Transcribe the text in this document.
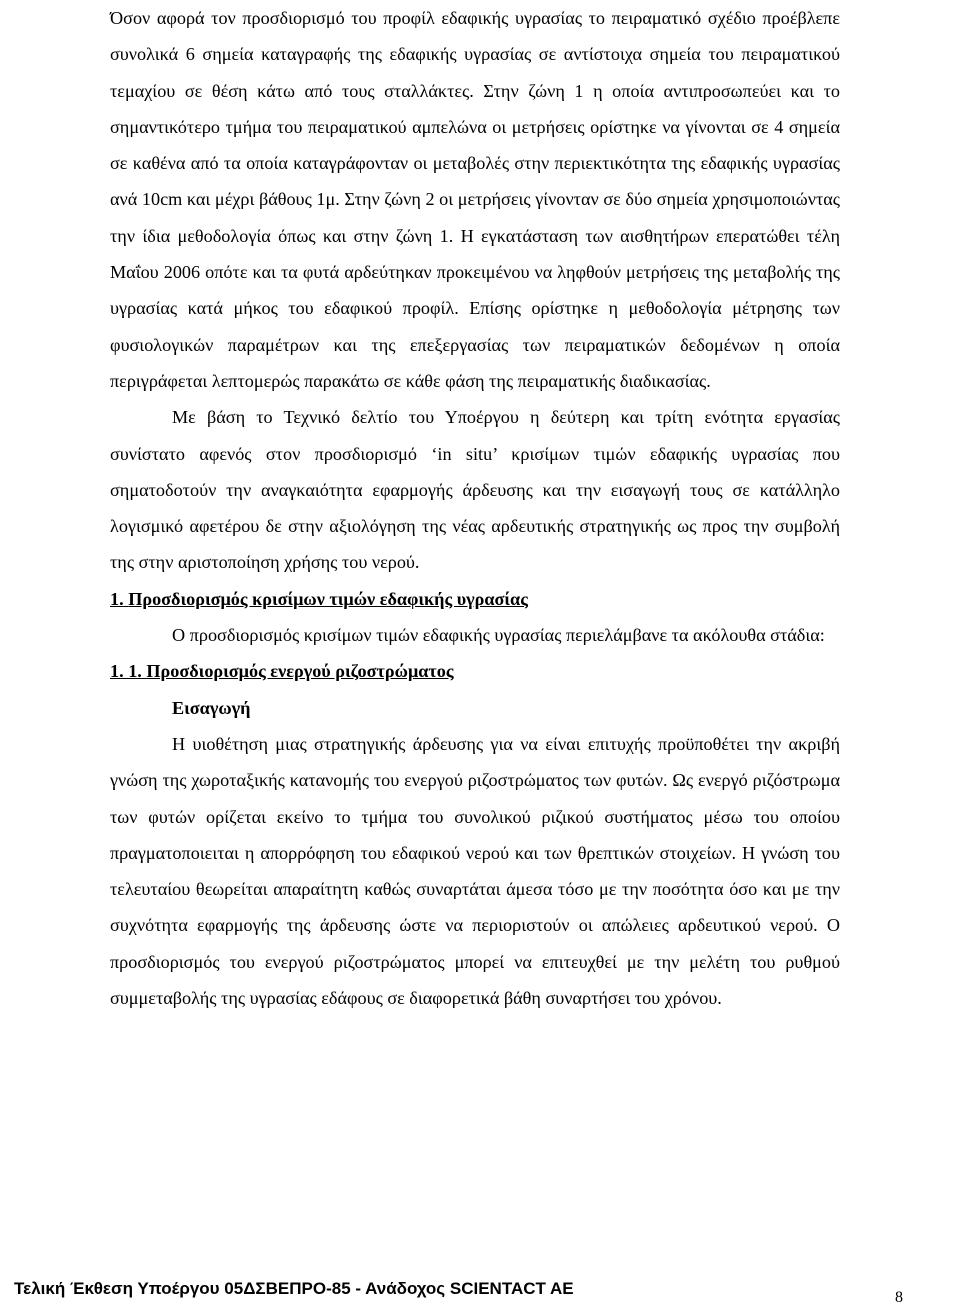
Όσον αφορά τον προσδιορισμό του προφίλ εδαφικής υγρασίας το πειραματικό σχέδιο προέβλεπε συνολικά 6 σημεία καταγραφής της εδαφικής υγρασίας σε αντίστοιχα σημεία του πειραματικού τεμαχίου σε θέση κάτω από τους σταλλάκτες. Στην ζώνη 1 η οποία αντιπροσωπεύει και το σημαντικότερο τμήμα του πειραματικού αμπελώνα οι μετρήσεις ορίστηκε να γίνονται σε 4 σημεία σε καθένα από τα οποία καταγράφονταν οι μεταβολές στην περιεκτικότητα της εδαφικής υγρασίας ανά 10cm και μέχρι βάθους 1μ. Στην ζώνη 2 οι μετρήσεις γίνονταν σε δύο σημεία χρησιμοποιώντας την ίδια μεθοδολογία όπως και στην ζώνη 1. Η εγκατάσταση των αισθητήρων επερατώθει τέλη Μαΐου 2006 οπότε και τα φυτά αρδεύτηκαν προκειμένου να ληφθούν μετρήσεις της μεταβολής της υγρασίας κατά μήκος του εδαφικού προφίλ. Επίσης ορίστηκε η μεθοδολογία μέτρησης των φυσιολογικών παραμέτρων και της επεξεργασίας των πειραματικών δεδομένων η οποία περιγράφεται λεπτομερώς παρακάτω σε κάθε φάση της πειραματικής διαδικασίας.

Με βάση το Τεχνικό δελτίο του Υποέργου η δεύτερη και τρίτη ενότητα εργασίας συνίστατο αφενός στον προσδιορισμό ‘in situ’ κρισίμων τιμών εδαφικής υγρασίας που σηματοδοτούν την αναγκαιότητα εφαρμογής άρδευσης και την εισαγωγή τους σε κατάλληλο λογισμικό αφετέρου δε στην αξιολόγηση της νέας αρδευτικής στρατηγικής ως προς την συμβολή της στην αριστοποίηση χρήσης του νερού.

1. Προσδιορισμός κρισίμων τιμών εδαφικής υγρασίας

Ο προσδιορισμός κρισίμων τιμών εδαφικής υγρασίας περιελάμβανε τα ακόλουθα στάδια:

1. 1. Προσδιορισμός ενεργού ριζοστρώματος
Εισαγωγή

Η υιοθέτηση μιας στρατηγικής άρδευσης για να είναι επιτυχής προϋποθέτει την ακριβή γνώση της χωροταξικής κατανομής του ενεργού ριζοστρώματος των φυτών. Ως ενεργό ριζόστρωμα των φυτών ορίζεται εκείνο το τμήμα του συνολικού ριζικού συστήματος μέσω του οποίου πραγματοποιειται η απορρόφηση του εδαφικού νερού και των θρεπτικών στοιχείων. Η γνώση του τελευταίου θεωρείται απαραίτητη καθώς συναρτάται άμεσα τόσο με την ποσότητα όσο και με την συχνότητα εφαρμογής της άρδευσης ώστε να περιοριστούν οι απώλειες αρδευτικού νερού. Ο προσδιορισμός του ενεργού ριζοστρώματος μπορεί να επιτευχθεί με την μελέτη του ρυθμού συμμεταβολής της υγρασίας εδάφους σε διαφορετικά βάθη συναρτήσει του χρόνου.

Τελική Έκθεση Υποέργου 05ΔΣΒΕΠΡΟ-85 - Ανάδοχος SCIENTACT AE	8
